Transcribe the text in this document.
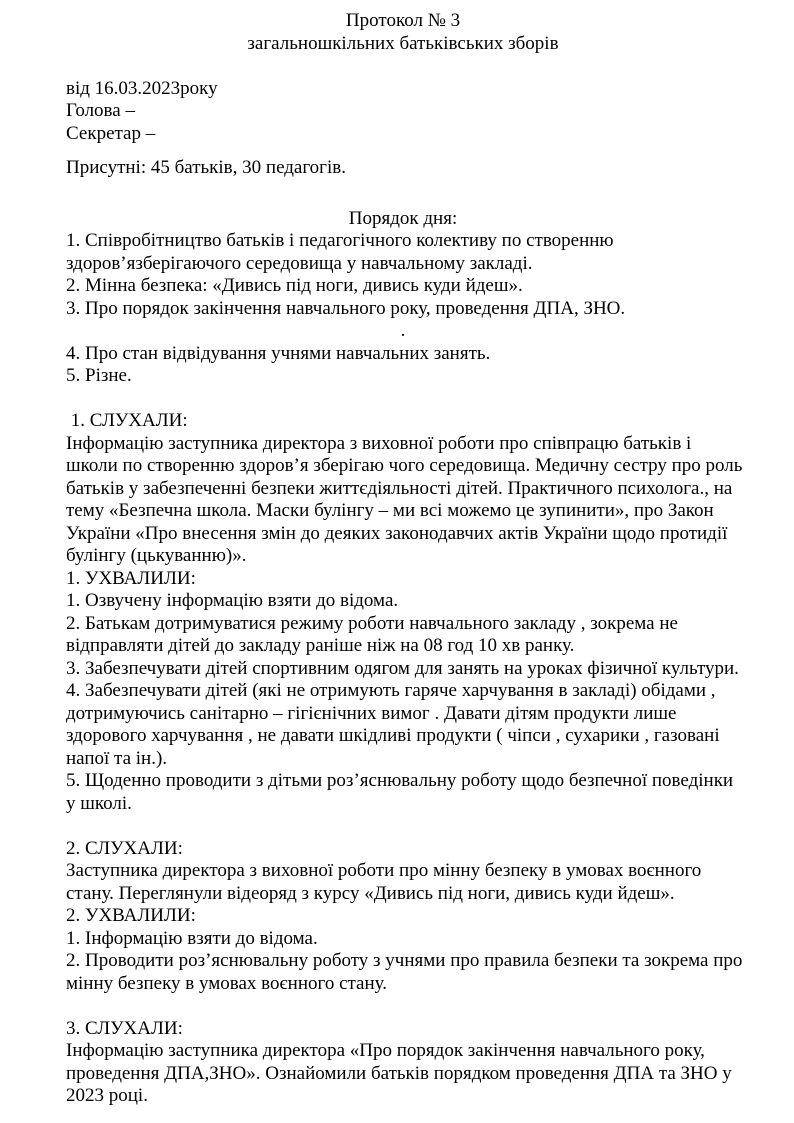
Протокол № 3
загальношкільних батьківських зборів
від 16.03.2023року
Голова –
Секретар –
Присутні: 45 батьків, 30 педагогів.
Порядок дня:
1. Співробітництво батьків і педагогічного колективу по створенню
здоров’язберігаючого середовища у навчальному закладі.
2. Мінна безпека: «Дивись під ноги, дивись куди йдеш».
3. Про порядок закінчення навчального року, проведення ДПА, ЗНО.
.
4. Про стан відвідування учнями навчальних занять.
5. Різне.
1. СЛУХАЛИ:
Інформацію заступника директора з виховної роботи про співпрацю батьків і
школи по створенню здоров’я зберігаю чого середовища. Медичну сестру про роль
батьків у забезпеченні безпеки життєдіяльності дітей. Практичного психолога., на
тему «Безпечна школа. Маски булінгу – ми всі можемо це зупинити», про Закон
України «Про внесення змін до деяких законодавчих актів України щодо протидії
булінгу (цькуванню)».
1. УХВАЛИЛИ:
1. Озвучену інформацію взяти до відома.
2. Батькам дотримуватися режиму роботи навчального закладу , зокрема не
відправляти дітей до закладу раніше ніж на 08 год 10 хв ранку.
3. Забезпечувати дітей спортивним одягом для занять на уроках фізичної культури.
4. Забезпечувати дітей (які не отримують гаряче харчування в закладі) обідами ,
дотримуючись санітарно – гігієнічних вимог . Давати дітям продукти лише
здорового харчування , не давати шкідливі продукти ( чіпси , сухарики , газовані
напої та ін.).
5. Щоденно проводити з дітьми роз’яснювальну роботу щодо безпечної поведінки
у школі.
2. СЛУХАЛИ:
Заступника директора з виховної роботи про мінну безпеку в умовах воєнного
стану. Переглянули відеоряд з курсу «Дивись під ноги, дивись куди йдеш».
2. УХВАЛИЛИ:
1. Інформацію взяти до відома.
2. Проводити роз’яснювальну роботу з учнями про правила безпеки та зокрема про
мінну безпеку в умовах воєнного стану.
3. СЛУХАЛИ:
Інформацію заступника директора «Про порядок закінчення навчального року,
проведення ДПА,ЗНО». Ознайомили батьків порядком проведення ДПА та ЗНО у
2023 році.
